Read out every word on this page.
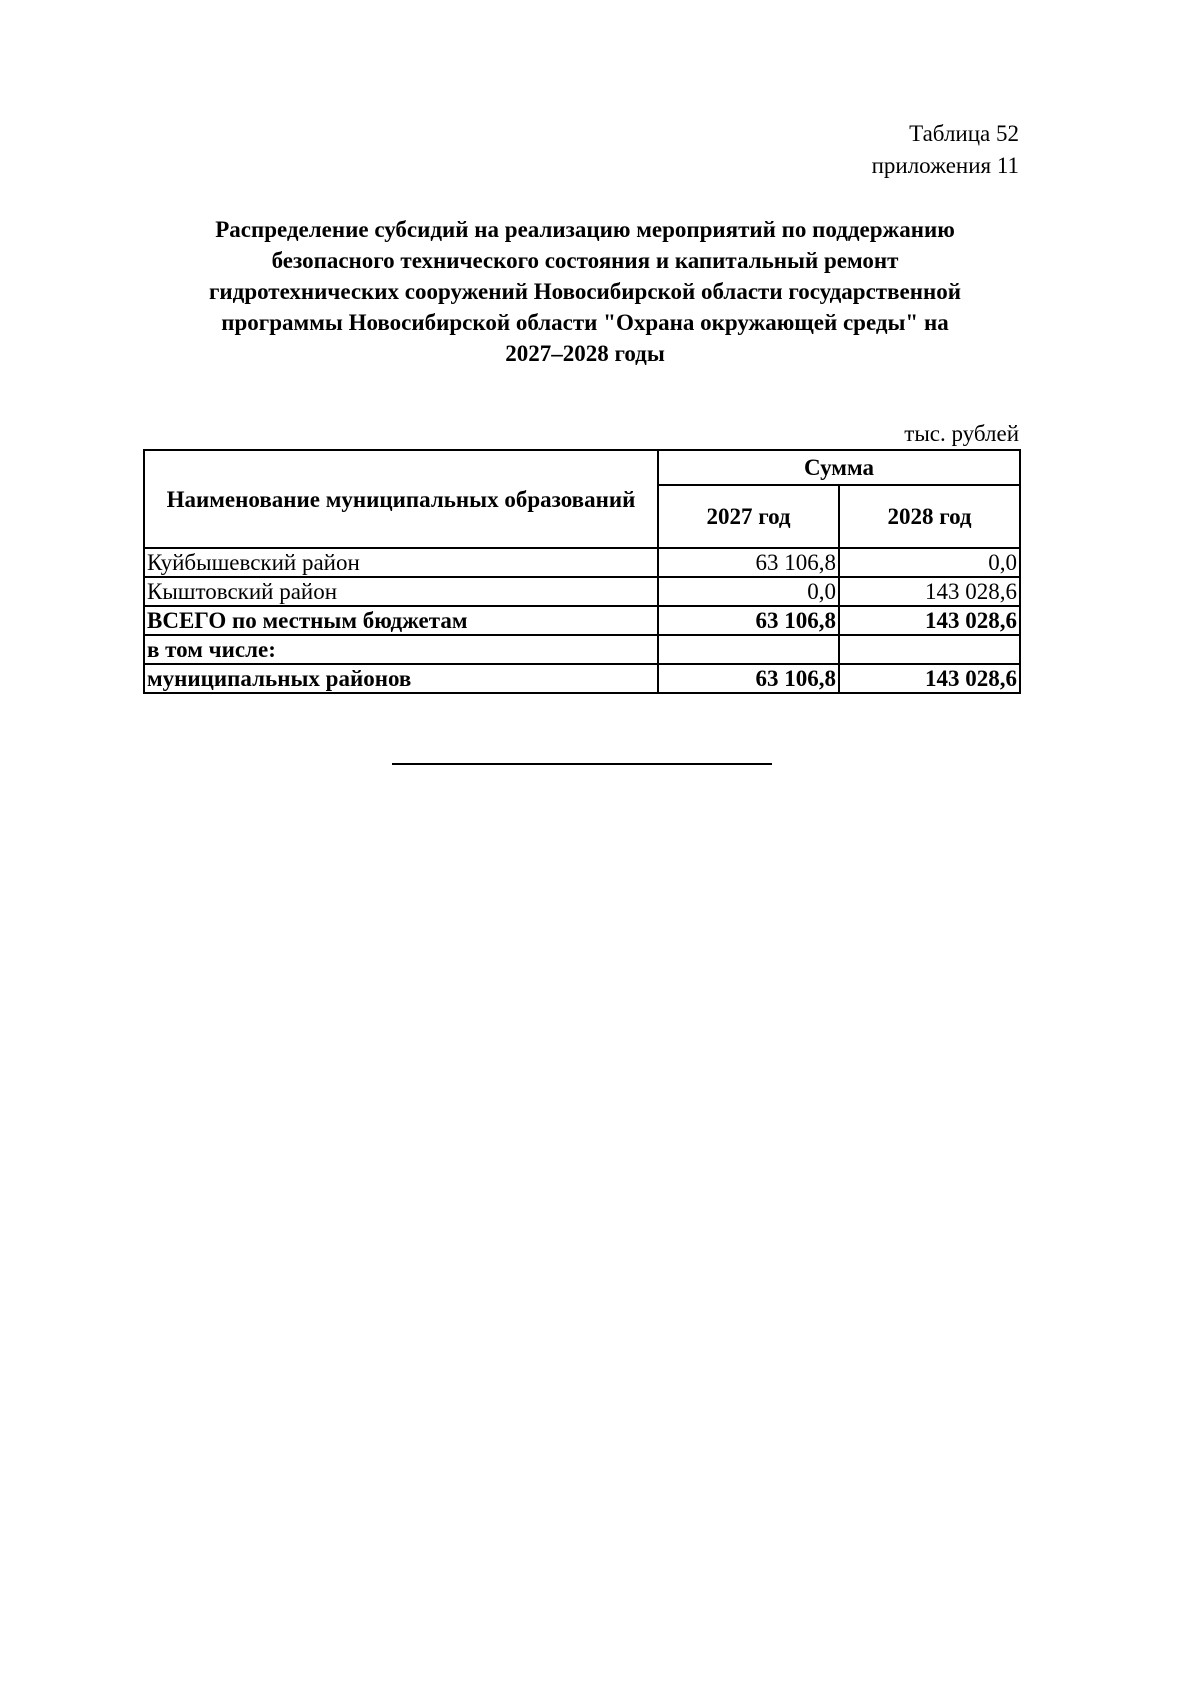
Таблица 52
приложения 11
Распределение субсидий на реализацию мероприятий по поддержанию
безопасного технического состояния и капитальный ремонт
гидротехнических сооружений Новосибирской области государственной
программы Новосибирской области "Охрана окружающей среды" на
2027–2028 годы
тыс. рублей
Наименование муниципальных образований	Сумма	
	2027 год	2028 год
Куйбышевский район	63 106,8	0,0
Кыштовский район	0,0	143 028,6
ВСЕГО по местным бюджетам	63 106,8	143 028,6
в том числе:		
муниципальных районов	63 106,8	143 028,6
